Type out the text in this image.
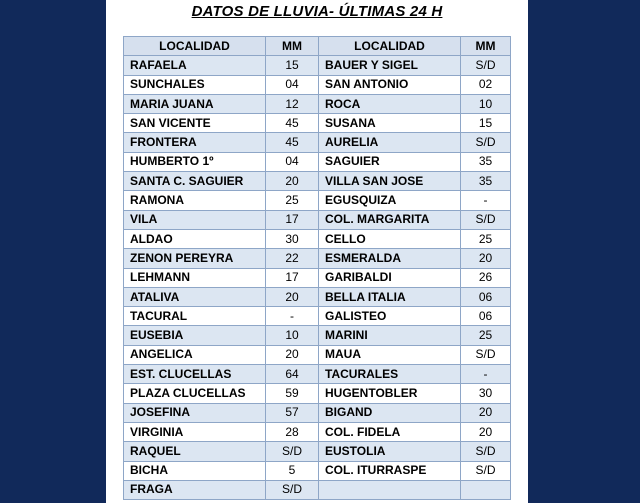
DATOS DE LLUVIA- ÚLTIMAS 24 H
LOCALIDAD	MM	LOCALIDAD	MM
RAFAELA	15	BAUER Y SIGEL	S/D
SUNCHALES	04	SAN ANTONIO	02
MARIA JUANA	12	ROCA	10
SAN VICENTE	45	SUSANA	15
FRONTERA	45	AURELIA	S/D
HUMBERTO 1º	04	SAGUIER	35
SANTA C. SAGUIER	20	VILLA SAN JOSE	35
RAMONA	25	EGUSQUIZA	-
VILA	17	COL. MARGARITA	S/D
ALDAO	30	CELLO	25
ZENON PEREYRA	22	ESMERALDA	20
LEHMANN	17	GARIBALDI	26
ATALIVA	20	BELLA ITALIA	06
TACURAL	-	GALISTEO	06
EUSEBIA	10	MARINI	25
ANGELICA	20	MAUA	S/D
EST. CLUCELLAS	64	TACURALES	-
PLAZA CLUCELLAS	59	HUGENTOBLER	30
JOSEFINA	57	BIGAND	20
VIRGINIA	28	COL. FIDELA	20
RAQUEL	S/D	EUSTOLIA	S/D
BICHA	5	COL. ITURRASPE	S/D
FRAGA	S/D		
